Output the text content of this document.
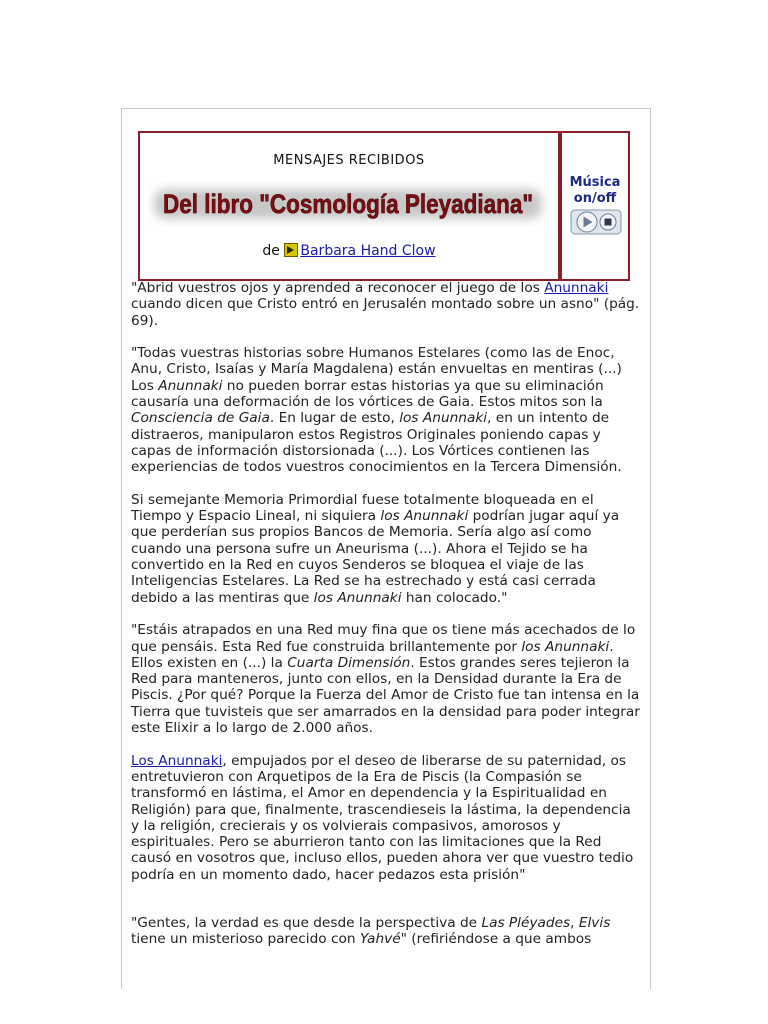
MENSAJES RECIBIDOS
Del libro "Cosmología Pleyadiana"
de Barbara Hand Clow
Música
on/off

"Abrid vuestros ojos y aprended a reconocer el juego de los Anunnaki cuando dicen que Cristo entró en Jerusalén montado sobre un asno" (pág. 69).

"Todas vuestras historias sobre Humanos Estelares (como las de Enoc, Anu, Cristo, Isaías y María Magdalena) están envueltas en mentiras (...) Los Anunnaki no pueden borrar estas historias ya que su eliminación causaría una deformación de los vórtices de Gaia. Estos mitos son la Consciencia de Gaia. En lugar de esto, los Anunnaki, en un intento de distraeros, manipularon estos Registros Originales poniendo capas y capas de información distorsionada (...). Los Vórtices contienen las experiencias de todos vuestros conocimientos en la Tercera Dimensión.

Si semejante Memoria Primordial fuese totalmente bloqueada en el Tiempo y Espacio Lineal, ni siquiera los Anunnaki podrían jugar aquí ya que perderían sus propios Bancos de Memoria. Sería algo así como cuando una persona sufre un Aneurisma (...). Ahora el Tejido se ha convertido en la Red en cuyos Senderos se bloquea el viaje de las Inteligencias Estelares. La Red se ha estrechado y está casi cerrada debido a las mentiras que los Anunnaki han colocado."

"Estáis atrapados en una Red muy fina que os tiene más acechados de lo que pensáis. Esta Red fue construida brillantemente por los Anunnaki. Ellos existen en (...) la Cuarta Dimensión. Estos grandes seres tejieron la Red para manteneros, junto con ellos, en la Densidad durante la Era de Piscis. ¿Por qué? Porque la Fuerza del Amor de Cristo fue tan intensa en la Tierra que tuvisteis que ser amarrados en la densidad para poder integrar este Elixir a lo largo de 2.000 años.

Los Anunnaki, empujados por el deseo de liberarse de su paternidad, os entretuvieron con Arquetipos de la Era de Piscis (la Compasión se transformó en lástima, el Amor en dependencia y la Espiritualidad en Religión) para que, finalmente, trascendieseis la lástima, la dependencia y la religión, crecierais y os volvierais compasivos, amorosos y espirituales. Pero se aburrieron tanto con las limitaciones que la Red causó en vosotros que, incluso ellos, pueden ahora ver que vuestro tedio podría en un momento dado, hacer pedazos esta prisión"

"Gentes, la verdad es que desde la perspectiva de Las Pléyades, Elvis tiene un misterioso parecido con Yahvé" (refiriéndose a que ambos
